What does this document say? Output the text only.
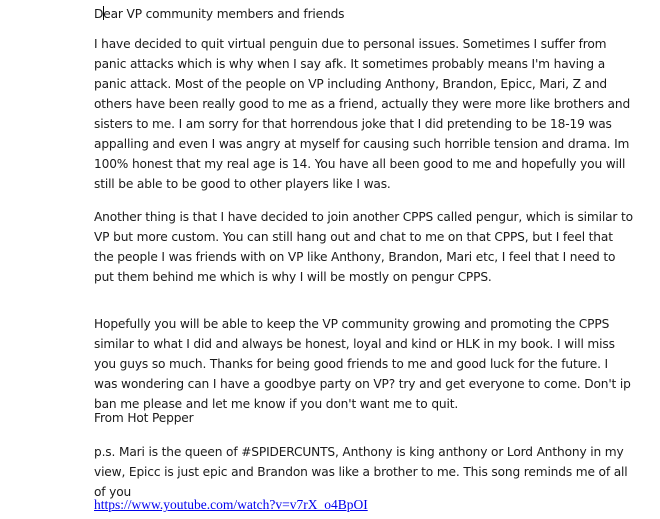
Dear VP community members and friends

I have decided to quit virtual penguin due to personal issues. Sometimes I suffer from panic attacks which is why when I say afk. It sometimes probably means I'm having a panic attack. Most of the people on VP including Anthony, Brandon, Epicc, Mari, Z and others have been really good to me as a friend, actually they were more like brothers and sisters to me. I am sorry for that horrendous joke that I did pretending to be 18-19 was appalling and even I was angry at myself for causing such horrible tension and drama. Im 100% honest that my real age is 14. You have all been good to me and hopefully you will still be able to be good to other players like I was.

Another thing is that I have decided to join another CPPS called pengur, which is similar to VP but more custom. You can still hang out and chat to me on that CPPS, but I feel that the people I was friends with on VP like Anthony, Brandon, Mari etc, I feel that I need to put them behind me which is why I will be mostly on pengur CPPS.

Hopefully you will be able to keep the VP community growing and promoting the CPPS similar to what I did and always be honest, loyal and kind or HLK in my book. I will miss you guys so much. Thanks for being good friends to me and good luck for the future. I was wondering can I have a goodbye party on VP? try and get everyone to come. Don't ip ban me please and let me know if you don't want me to quit.

From Hot Pepper

p.s. Mari is the queen of #SPIDERCUNTS, Anthony is king anthony or Lord Anthony in my view, Epicc is just epic and Brandon was like a brother to me. This song reminds me of all of you

https://www.youtube.com/watch?v=v7rX_o4BpOI
